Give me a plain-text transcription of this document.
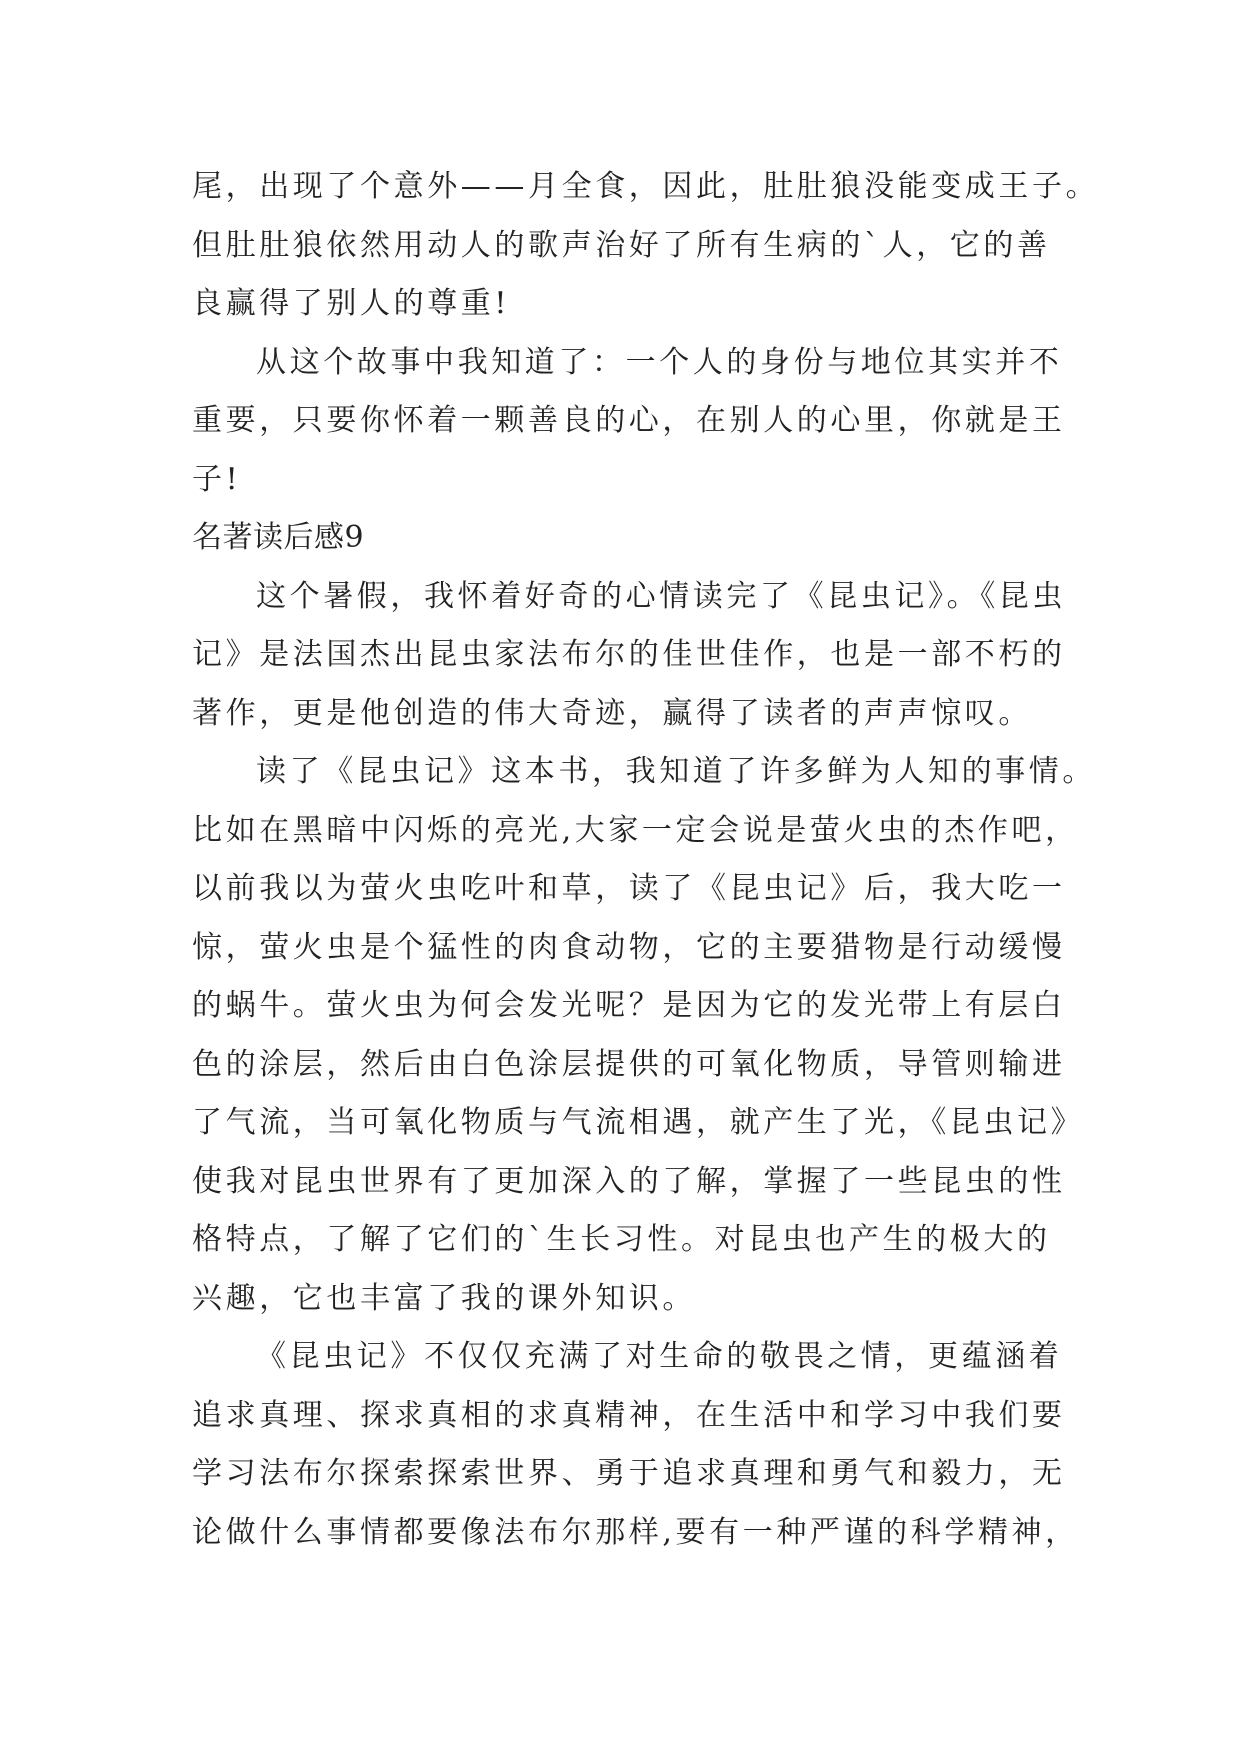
尾，出现了个意外——月全食，因此，肚肚狼没能变成王子。
但肚肚狼依然用动人的歌声治好了所有生病的`人，它的善
良赢得了别人的尊重!
从这个故事中我知道了：一个人的身份与地位其实并不
重要，只要你怀着一颗善良的心，在别人的心里，你就是王
子!
名著读后感9
这个暑假，我怀着好奇的心情读完了《昆虫记》。《昆虫
记》是法国杰出昆虫家法布尔的佳世佳作，也是一部不朽的
著作，更是他创造的伟大奇迹，赢得了读者的声声惊叹。
读了《昆虫记》这本书，我知道了许多鲜为人知的事情。
比如在黑暗中闪烁的亮光,大家一定会说是萤火虫的杰作吧，
以前我以为萤火虫吃叶和草，读了《昆虫记》后，我大吃一
惊，萤火虫是个猛性的肉食动物，它的主要猎物是行动缓慢
的蜗牛。萤火虫为何会发光呢？是因为它的发光带上有层白
色的涂层，然后由白色涂层提供的可氧化物质，导管则输进
了气流，当可氧化物质与气流相遇，就产生了光，《昆虫记》
使我对昆虫世界有了更加深入的了解，掌握了一些昆虫的性
格特点，了解了它们的`生长习性。对昆虫也产生的极大的
兴趣，它也丰富了我的课外知识。
《昆虫记》不仅仅充满了对生命的敬畏之情，更蕴涵着
追求真理、探求真相的求真精神，在生活中和学习中我们要
学习法布尔探索探索世界、勇于追求真理和勇气和毅力，无
论做什么事情都要像法布尔那样,要有一种严谨的科学精神，
